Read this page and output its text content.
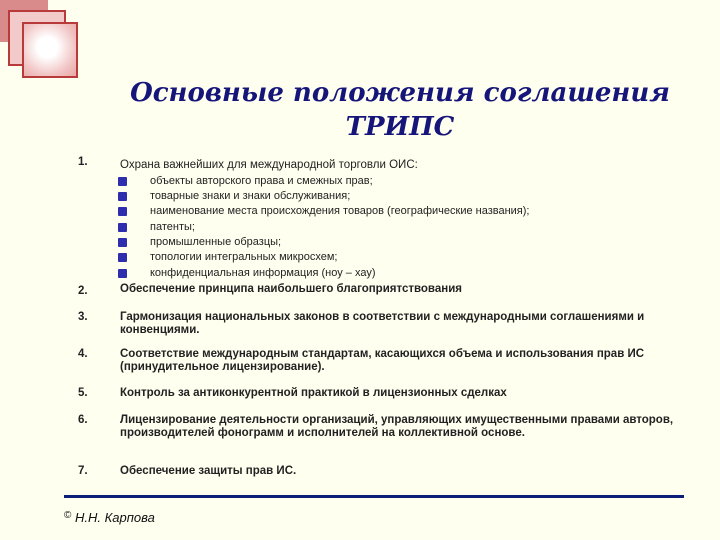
Основные положения соглашения
ТРИПС
1.	Охрана важнейших для международной торговли ОИС:
объекты авторского права и смежных прав;
товарные знаки и знаки обслуживания;
наименование места происхождения товаров (географические названия);
патенты;
промышленные образцы;
топологии интегральных микросхем;
конфиденциальная информация (ноу – хау)
2.	Обеспечение принципа наибольшего благоприятствования
3.	Гармонизация национальных законов в соответствии с международными соглашениями и конвенциями.
4.	Соответствие международным стандартам, касающихся объема и использования прав ИС (принудительное лицензирование).
5.	Контроль за антиконкурентной практикой в лицензионных сделках
6.	Лицензирование деятельности организаций, управляющих имущественными правами авторов, производителей фонограмм и исполнителей на коллективной основе.
7.	Обеспечение защиты прав ИС.
© Н.Н. Карпова
